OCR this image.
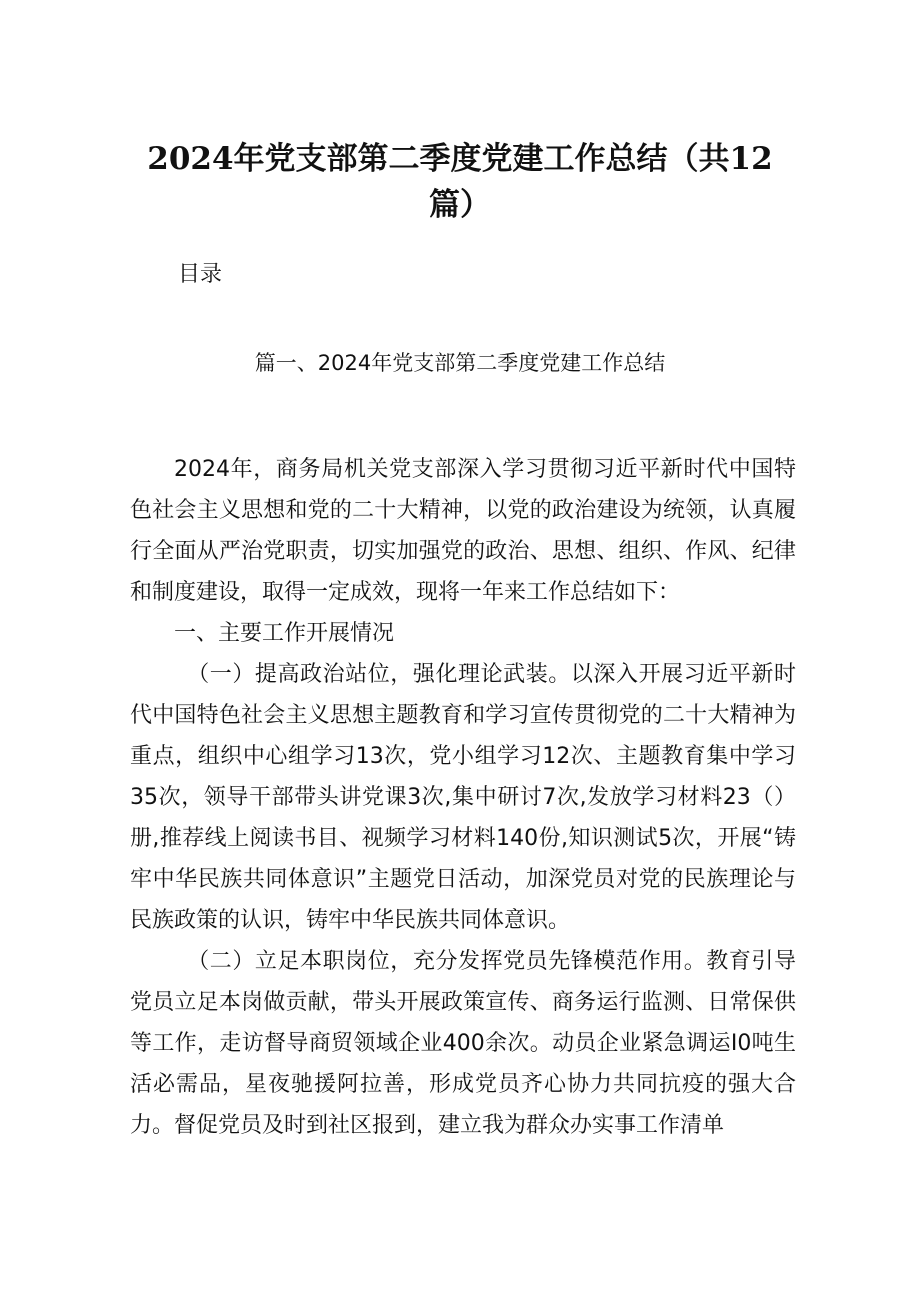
2024年党支部第二季度党建工作总结（共12篇）
目录
篇一、2024年党支部第二季度党建工作总结

2024年，商务局机关党支部深入学习贯彻习近平新时代中国特色社会主义思想和党的二十大精神，以党的政治建设为统领，认真履行全面从严治党职责，切实加强党的政治、思想、组织、作风、纪律和制度建设，取得一定成效，现将一年来工作总结如下：

一、主要工作开展情况

（一）提高政治站位，强化理论武装。以深入开展习近平新时代中国特色社会主义思想主题教育和学习宣传贯彻党的二十大精神为重点，组织中心组学习13次，党小组学习12次、主题教育集中学习35次，领导干部带头讲党课3次,集中研讨7次,发放学习材料23（）册,推荐线上阅读书目、视频学习材料140份,知识测试5次，开展“铸牢中华民族共同体意识”主题党日活动，加深党员对党的民族理论与民族政策的认识，铸牢中华民族共同体意识。

（二）立足本职岗位，充分发挥党员先锋模范作用。教育引导党员立足本岗做贡献，带头开展政策宣传、商务运行监测、日常保供等工作，走访督导商贸领域企业400余次。动员企业紧急调运I0吨生活必需品，星夜驰援阿拉善，形成党员齐心协力共同抗疫的强大合力。督促党员及时到社区报到，建立我为群众办实事工作清单
